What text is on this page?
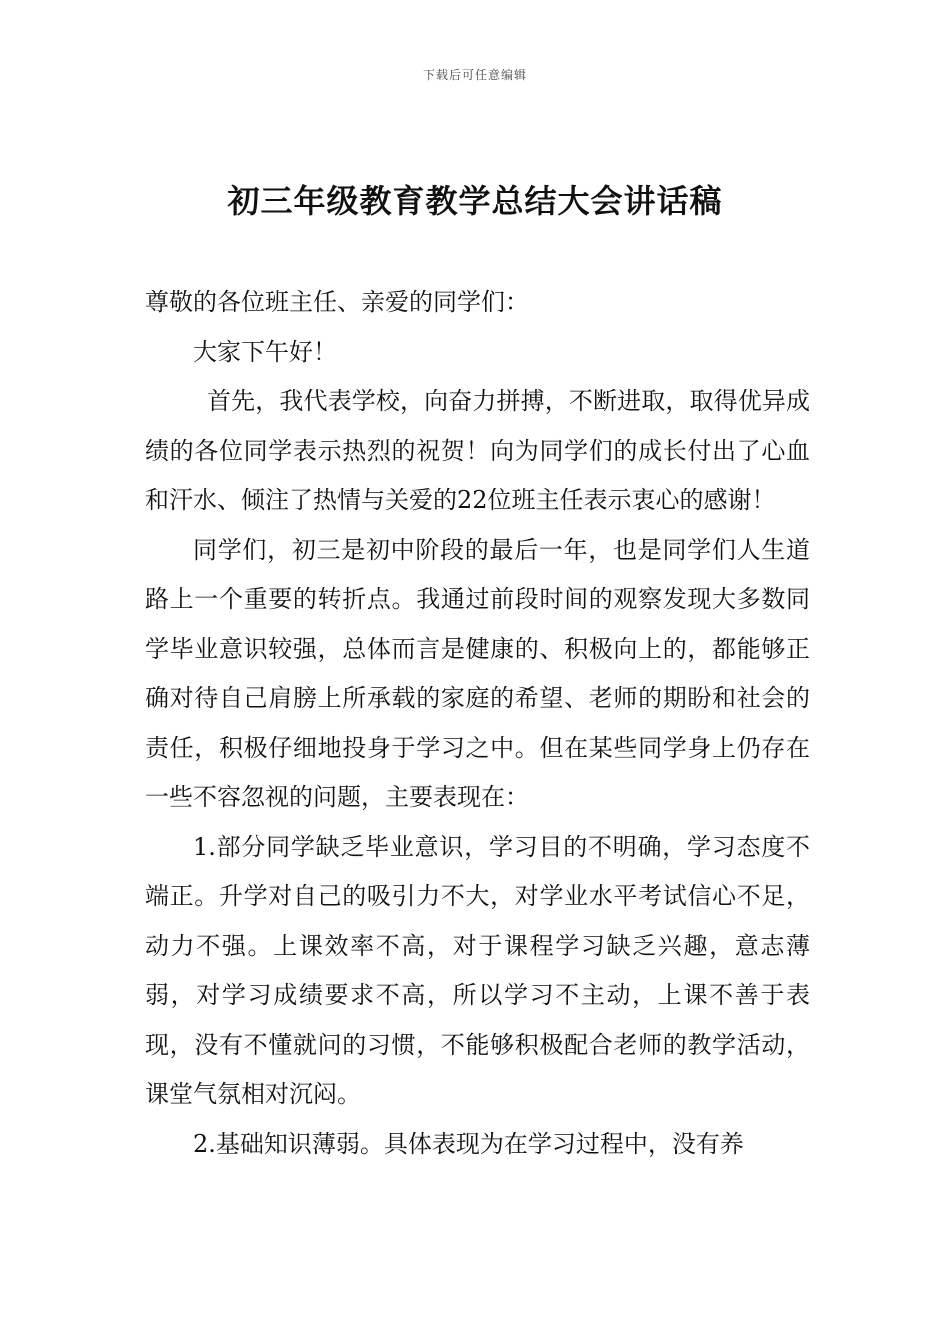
下载后可任意编辑
初三年级教育教学总结大会讲话稿

尊敬的各位班主任、亲爱的同学们：

大家下午好！

首先，我代表学校，向奋力拼搏，不断进取，取得优异成绩的各位同学表示热烈的祝贺！向为同学们的成长付出了心血和汗水、倾注了热情与关爱的22位班主任表示衷心的感谢！

同学们，初三是初中阶段的最后一年，也是同学们人生道路上一个重要的转折点。我通过前段时间的观察发现大多数同学毕业意识较强，总体而言是健康的、积极向上的，都能够正确对待自己肩膀上所承载的家庭的希望、老师的期盼和社会的责任，积极仔细地投身于学习之中。但在某些同学身上仍存在一些不容忽视的问题，主要表现在：

1.部分同学缺乏毕业意识，学习目的不明确，学习态度不端正。升学对自己的吸引力不大，对学业水平考试信心不足，动力不强。上课效率不高，对于课程学习缺乏兴趣，意志薄弱，对学习成绩要求不高，所以学习不主动，上课不善于表现，没有不懂就问的习惯，不能够积极配合老师的教学活动，课堂气氛相对沉闷。

2.基础知识薄弱。具体表现为在学习过程中，没有养
